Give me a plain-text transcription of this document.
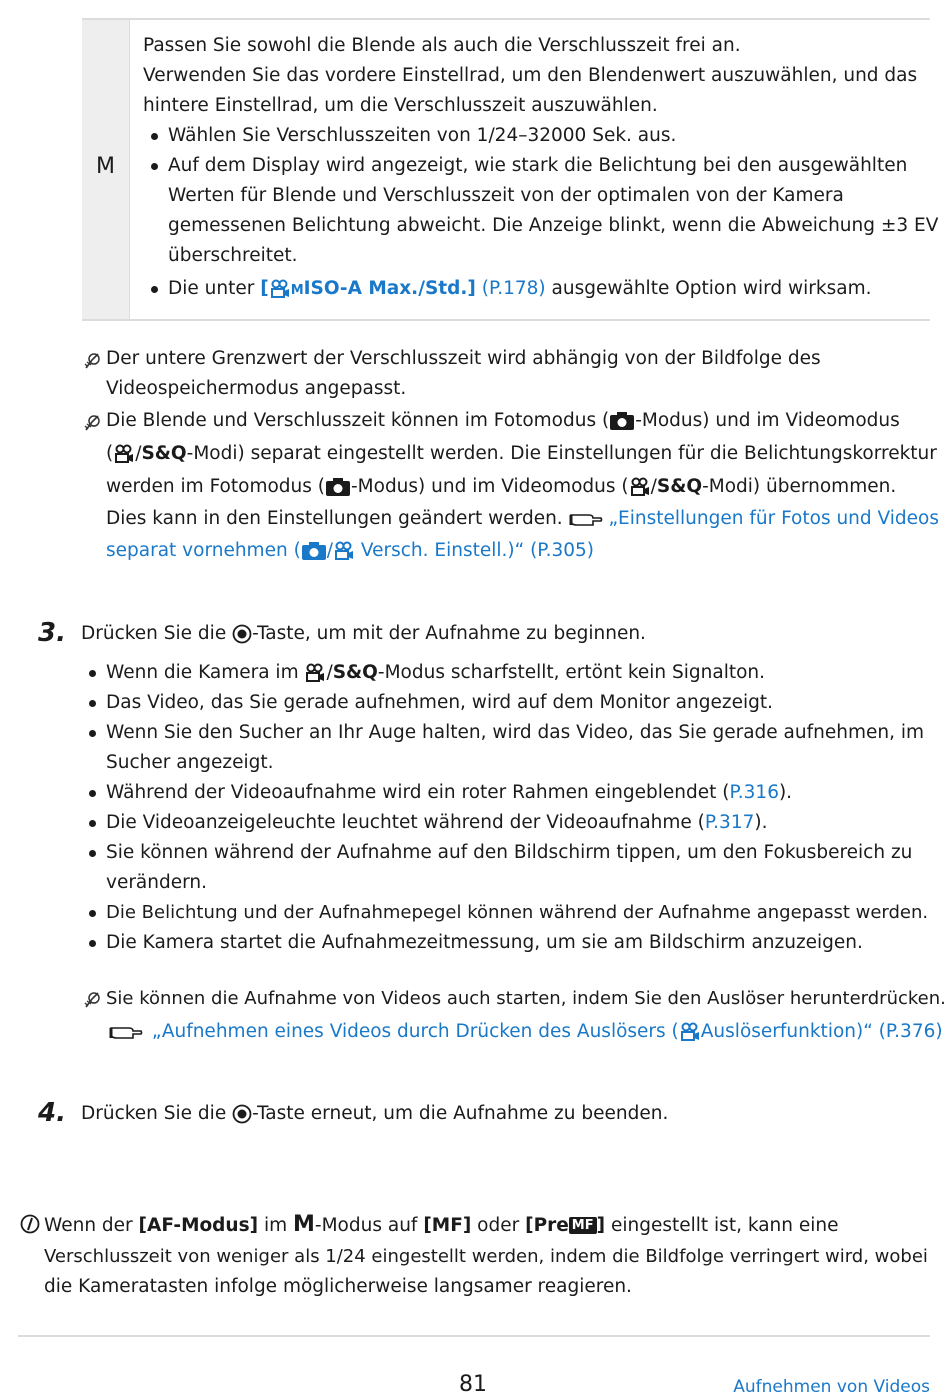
M
Passen Sie sowohl die Blende als auch die Verschlusszeit frei an.
Verwenden Sie das vordere Einstellrad, um den Blendenwert auszuwählen, und das
hintere Einstellrad, um die Verschlusszeit auszuwählen.
Wählen Sie Verschlusszeiten von 1/24–32000 Sek. aus.
Auf dem Display wird angezeigt, wie stark die Belichtung bei den ausgewählten
Werten für Blende und Verschlusszeit von der optimalen von der Kamera
gemessenen Belichtung abweicht. Die Anzeige blinkt, wenn die Abweichung ±3 EV
überschreitet.
Die unter [ MISO-A Max./Std.] (P.178) ausgewählte Option wird wirksam.
Der untere Grenzwert der Verschlusszeit wird abhängig von der Bildfolge des
Videospeichermodus angepasst.
Die Blende und Verschlusszeit können im Fotomodus ( -Modus) und im Videomodus
( /S&Q-Modi) separat eingestellt werden. Die Einstellungen für die Belichtungskorrektur
werden im Fotomodus ( -Modus) und im Videomodus ( /S&Q-Modi) übernommen.
Dies kann in den Einstellungen geändert werden. „Einstellungen für Fotos und Videos
separat vornehmen ( / Versch. Einstell.)“ (P.305)
3. Drücken Sie die -Taste, um mit der Aufnahme zu beginnen.
Wenn die Kamera im /S&Q-Modus scharfstellt, ertönt kein Signalton.
Das Video, das Sie gerade aufnehmen, wird auf dem Monitor angezeigt.
Wenn Sie den Sucher an Ihr Auge halten, wird das Video, das Sie gerade aufnehmen, im
Sucher angezeigt.
Während der Videoaufnahme wird ein roter Rahmen eingeblendet (P.316).
Die Videoanzeigeleuchte leuchtet während der Videoaufnahme (P.317).
Sie können während der Aufnahme auf den Bildschirm tippen, um den Fokusbereich zu
verändern.
Die Belichtung und der Aufnahmepegel können während der Aufnahme angepasst werden.
Die Kamera startet die Aufnahmezeitmessung, um sie am Bildschirm anzuzeigen.
Sie können die Aufnahme von Videos auch starten, indem Sie den Auslöser herunterdrücken.
„Aufnehmen eines Videos durch Drücken des Auslösers ( Auslöserfunktion)“ (P.376)
4. Drücken Sie die -Taste erneut, um die Aufnahme zu beenden.
Wenn der [AF-Modus] im M-Modus auf [MF] oder [Pre MF ] eingestellt ist, kann eine
Verschlusszeit von weniger als 1/24 eingestellt werden, indem die Bildfolge verringert wird, wobei
die Kameratasten infolge möglicherweise langsamer reagieren.
81	Aufnehmen von Videos
